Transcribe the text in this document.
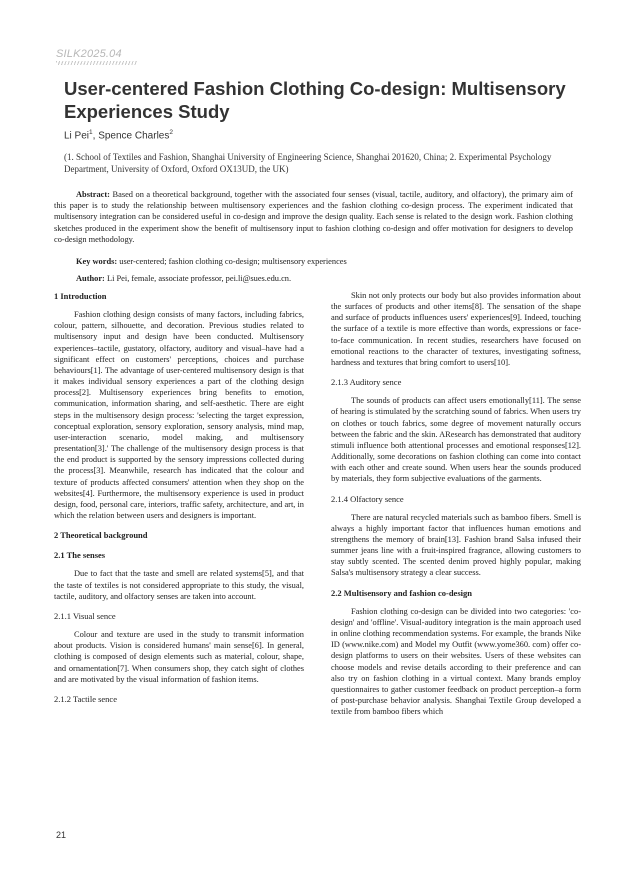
SILK2025.04
User-centered Fashion Clothing Co-design: Multisensory Experiences Study
Li Pei$^1$, Spence Charles$^2$
(1. School of Textiles and Fashion, Shanghai University of Engineering Science, Shanghai 201620, China; 2. Experimental Psychology Department, University of Oxford, Oxford OX13UD, the UK)

Abstract: Based on a theoretical background, together with the associated four senses (visual, tactile, auditory, and olfactory), the primary aim of this paper is to study the relationship between multisensory experiences and the fashion clothing co-design process. The experiment indicated that multisensory integration can be considered useful in co-design and improve the design quality. Each sense is related to the design work. Fashion clothing sketches produced in the experiment show the benefit of multisensory input to fashion clothing co-design and offer motivation for designers to develop co-design methodology.

Key words: user-centered; fashion clothing co-design; multisensory experiences

Author: Li Pei, female, associate professor, pei.li@sues.edu.cn.

1 Introduction

Fashion clothing design consists of many factors, including fabrics, colour, pattern, silhouette, and decoration. Previous studies related to multisensory input and design have been conducted. Multisensory experiences–tactile, gustatory, olfactory, auditory and visual–have had a significant effect on customers' perceptions, choices and purchase behaviours[1]. The advantage of user-centered multisensory design is that it makes individual sensory experiences a part of the clothing design process[2]. Multisensory experiences bring benefits to emotion, communication, information sharing, and self-aesthetic. There are eight steps in the multisensory design process: 'selecting the target expression, conceptual exploration, sensory exploration, sensory analysis, mind map, user-interaction scenario, model making, and multisensory presentation[3].' The challenge of the multisensory design process is that the end product is supported by the sensory impressions collected during the process[3]. Meanwhile, research has indicated that the colour and texture of products affected consumers' attention when they shop on the websites[4]. Furthermore, the multisensory experience is used in product design, food, personal care, interiors, traffic safety, architecture, and art, in which the relation between users and designers is important.

2 Theoretical background
2.1 The senses

Due to fact that the taste and smell are related systems[5], and that the taste of textiles is not considered appropriate to this study, the visual, tactile, auditory, and olfactory senses are taken into account.

2.1.1 Visual sence

Colour and texture are used in the study to transmit information about products. Vision is considered humans' main sense[6]. In general, clothing is composed of design elements such as material, colour, shape, and ornamentation[7]. When consumers shop, they catch sight of clothes and are motivated by the visual information of fashion items.

2.1.2 Tactile sence

Skin not only protects our body but also provides information about the surfaces of products and other items[8]. The sensation of the shape and surface of products influences users' experiences[9]. Indeed, touching the surface of a textile is more effective than words, expressions or face-to-face communication. In recent studies, researchers have focused on emotional reactions to the character of textures, investigating softness, hardness and textures that bring comfort to users[10].

2.1.3 Auditory sence

The sounds of products can affect users emotionally[11]. The sense of hearing is stimulated by the scratching sound of fabrics. When users try on clothes or touch fabrics, some degree of movement naturally occurs between the fabric and the skin. AResearch has demonstrated that auditory stimuli influence both attentional processes and emotional responses[12]. Additionally, some decorations on fashion clothing can come into contact with each other and create sound. When users hear the sounds produced by materials, they form subjective evaluations of the garments.

2.1.4 Olfactory sence

There are natural recycled materials such as bamboo fibers. Smell is always a highly important factor that influences human emotions and strengthens the memory of brain[13]. Fashion brand Salsa infused their summer jeans line with a fruit-inspired fragrance, allowing customers to stay subtly scented. The scented denim proved highly popular, making Salsa's multisensory strategy a clear success.

2.2 Multisensory and fashion co-design

Fashion clothing co-design can be divided into two categories: 'co-design' and 'offline'. Visual-auditory integration is the main approach used in online clothing recommendation systems. For example, the brands Nike ID (www.nike.com) and Model my Outfit (www.yome360. com) offer co-design platforms to users on their websites. Users of these websites can choose models and revise details according to their preference and can also try on fashion clothing in a virtual context. Many brands employ questionnaires to gather customer feedback on product perception–a form of post-purchase behavior analysis. Shanghai Textile Group developed a textile from bamboo fibers which

21
